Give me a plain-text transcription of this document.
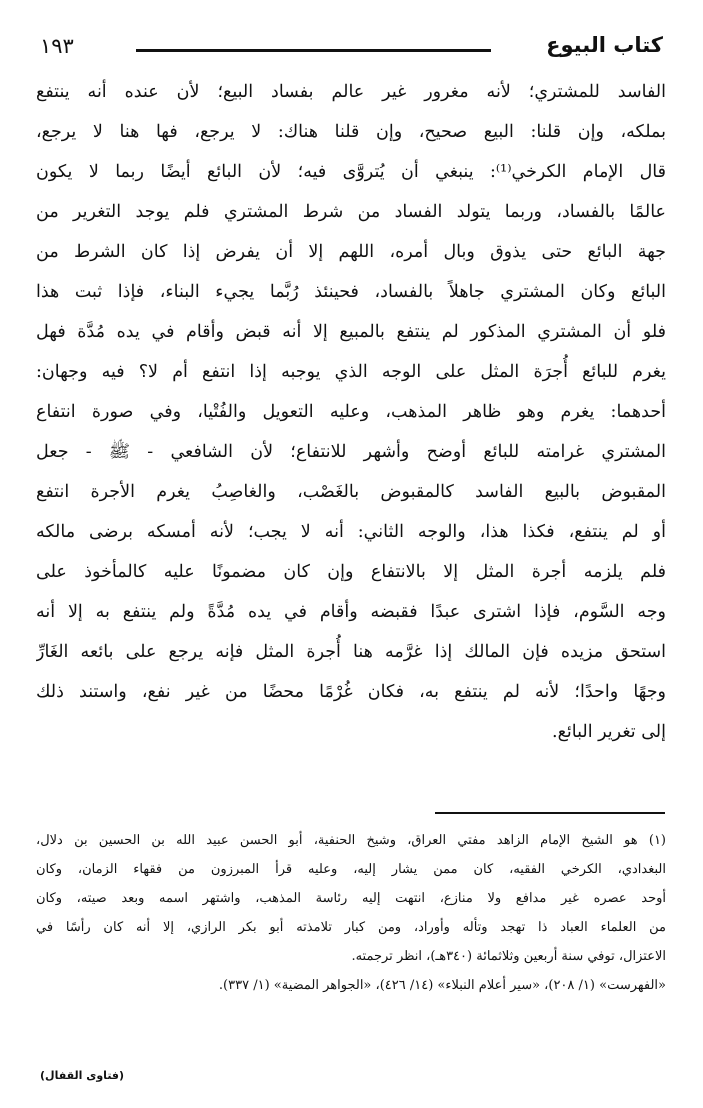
كتاب البيوع
١٩٣
الفاسد للمشتري؛ لأنه مغرور غير عالم بفساد البيع؛ لأن عنده أنه ينتفع
بملكه، وإن قلنا: البيع صحيح، وإن قلنا هناك: لا يرجع، فها هنا لا يرجع،
قال الإمام الكرخي⁽¹⁾: ينبغي أن يُتروَّى فيه؛ لأن البائع أيضًا ربما لا يكون
عالمًا بالفساد، وربما يتولد الفساد من شرط المشتري فلم يوجد التغرير من
جهة البائع حتى يذوق وبال أمره، اللهم إلا أن يفرض إذا كان الشرط من
البائع وكان المشتري جاهلاً بالفساد، فحينئذ رُبَّما يجيء البناء، فإذا ثبت هذا
فلو أن المشتري المذكور لم ينتفع بالمبيع إلا أنه قبض وأقام في يده مُدَّة فهل
يغرم للبائع أُجرَة المثل على الوجه الذي يوجبه إذا انتفع أم لا؟ فيه وجهان:
أحدهما: يغرم وهو ظاهر المذهب، وعليه التعويل والفُتْيا، وفي صورة انتفاع
المشتري غرامته للبائع أوضح وأشهر للانتفاع؛ لأن الشافعي - ﷺ - جعل
المقبوض بالبيع الفاسد كالمقبوض بالغَصْب، والغاصِبُ يغرم الأجرة انتفع
أو لم ينتفع، فكذا هذا، والوجه الثاني: أنه لا يجب؛ لأنه أمسكه برضى مالكه
فلم يلزمه أجرة المثل إلا بالانتفاع وإن كان مضمونًا عليه كالمأخوذ على
وجه السَّوم، فإذا اشترى عبدًا فقبضه وأقام في يده مُدَّةً ولم ينتفع به إلا أنه
استحق مزيده فإن المالك إذا غرَّمه هنا أُجرة المثل فإنه يرجع على بائعه الغَارِّ
وجهًا واحدًا؛ لأنه لم ينتفع به، فكان غُرْمًا محضًا من غير نفع، واستند ذلك
إلى تغرير البائع.
(١) هو الشيخ الإمام الزاهد مفتي العراق، وشيخ الحنفية، أبو الحسن عبيد الله بن الحسين بن دلال،
البغدادي، الكرخي الفقيه، كان ممن يشار إليه، وعليه قرأ المبرزون من فقهاء الزمان، وكان
أوحد عصره غير مدافع ولا منازع، انتهت إليه رئاسة المذهب، واشتهر اسمه وبعد صيته، وكان
من العلماء العباد ذا تهجد وتأله وأوراد، ومن كبار تلامذته أبو بكر الرازي، إلا أنه كان رأسًا في
الاعتزال، توفي سنة أربعين وثلاثمائة (٣٤٠هـ)، انظر ترجمته.
«الفهرست» (١/ ٢٠٨)، «سير أعلام النبلاء» (١٤/ ٤٢٦)، «الجواهر المضية» (١/ ٣٣٧).
(فتاوى القفال)
